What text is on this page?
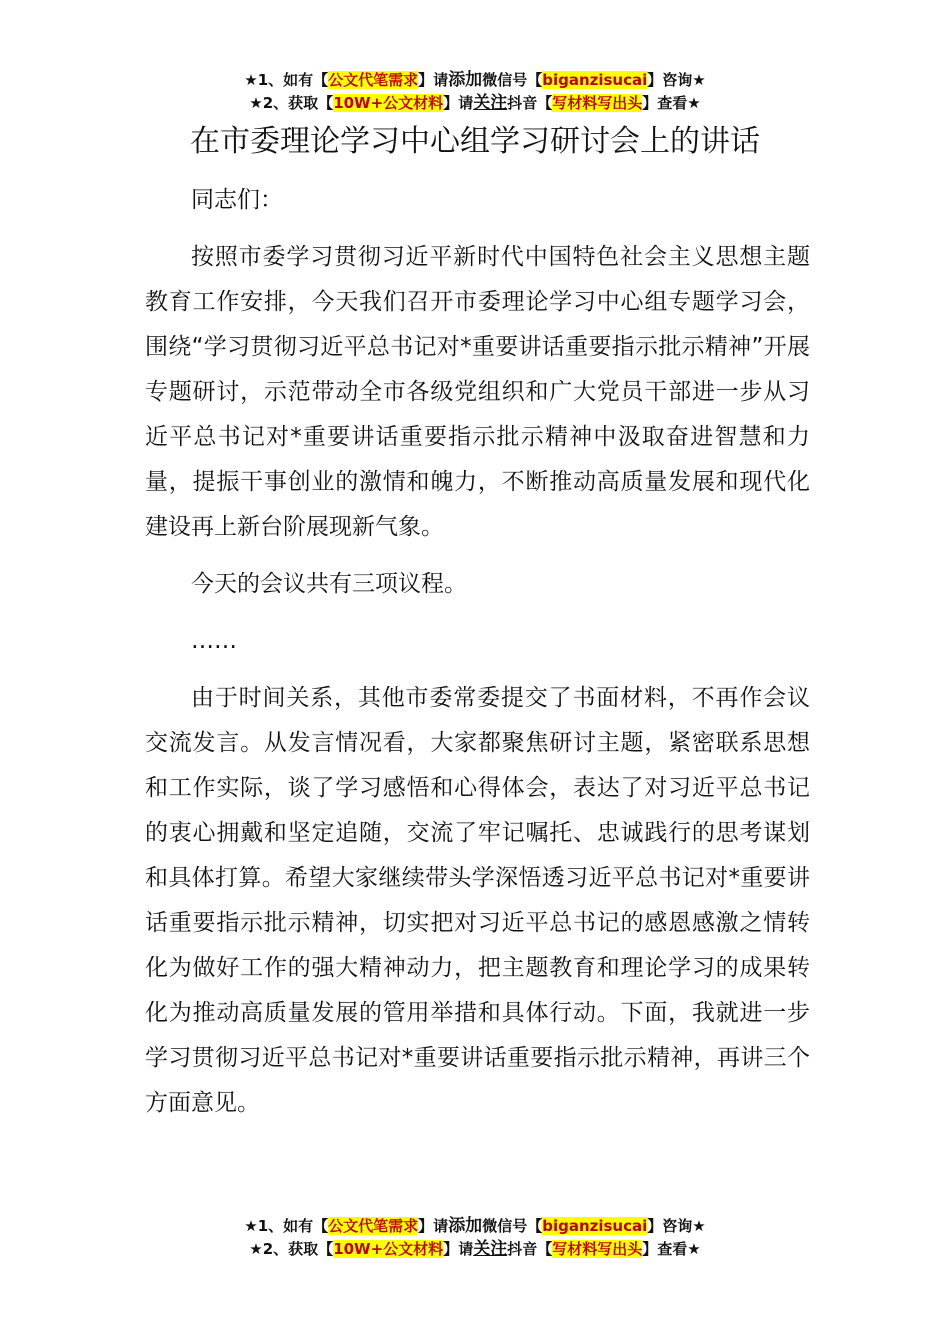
★1、如有【公文代笔需求】请添加微信号【biganzisucai】咨询★
★2、获取【10W+公文材料】请关注抖音【写材料写出头】查看★
在市委理论学习中心组学习研讨会上的讲话

同志们：

按照市委学习贯彻习近平新时代中国特色社会主义思想主题教育工作安排，今天我们召开市委理论学习中心组专题学习会，围绕“学习贯彻习近平总书记对*重要讲话重要指示批示精神”开展专题研讨，示范带动全市各级党组织和广大党员干部进一步从习近平总书记对*重要讲话重要指示批示精神中汲取奋进智慧和力量，提振干事创业的激情和魄力，不断推动高质量发展和现代化建设再上新台阶展现新气象。

今天的会议共有三项议程。

……

由于时间关系，其他市委常委提交了书面材料，不再作会议交流发言。从发言情况看，大家都聚焦研讨主题，紧密联系思想和工作实际，谈了学习感悟和心得体会，表达了对习近平总书记的衷心拥戴和坚定追随，交流了牢记嘱托、忠诚践行的思考谋划和具体打算。希望大家继续带头学深悟透习近平总书记对*重要讲话重要指示批示精神，切实把对习近平总书记的感恩感激之情转化为做好工作的强大精神动力，把主题教育和理论学习的成果转化为推动高质量发展的管用举措和具体行动。下面，我就进一步学习贯彻习近平总书记对*重要讲话重要指示批示精神，再讲三个方面意见。

★1、如有【公文代笔需求】请添加微信号【biganzisucai】咨询★
★2、获取【10W+公文材料】请关注抖音【写材料写出头】查看★
